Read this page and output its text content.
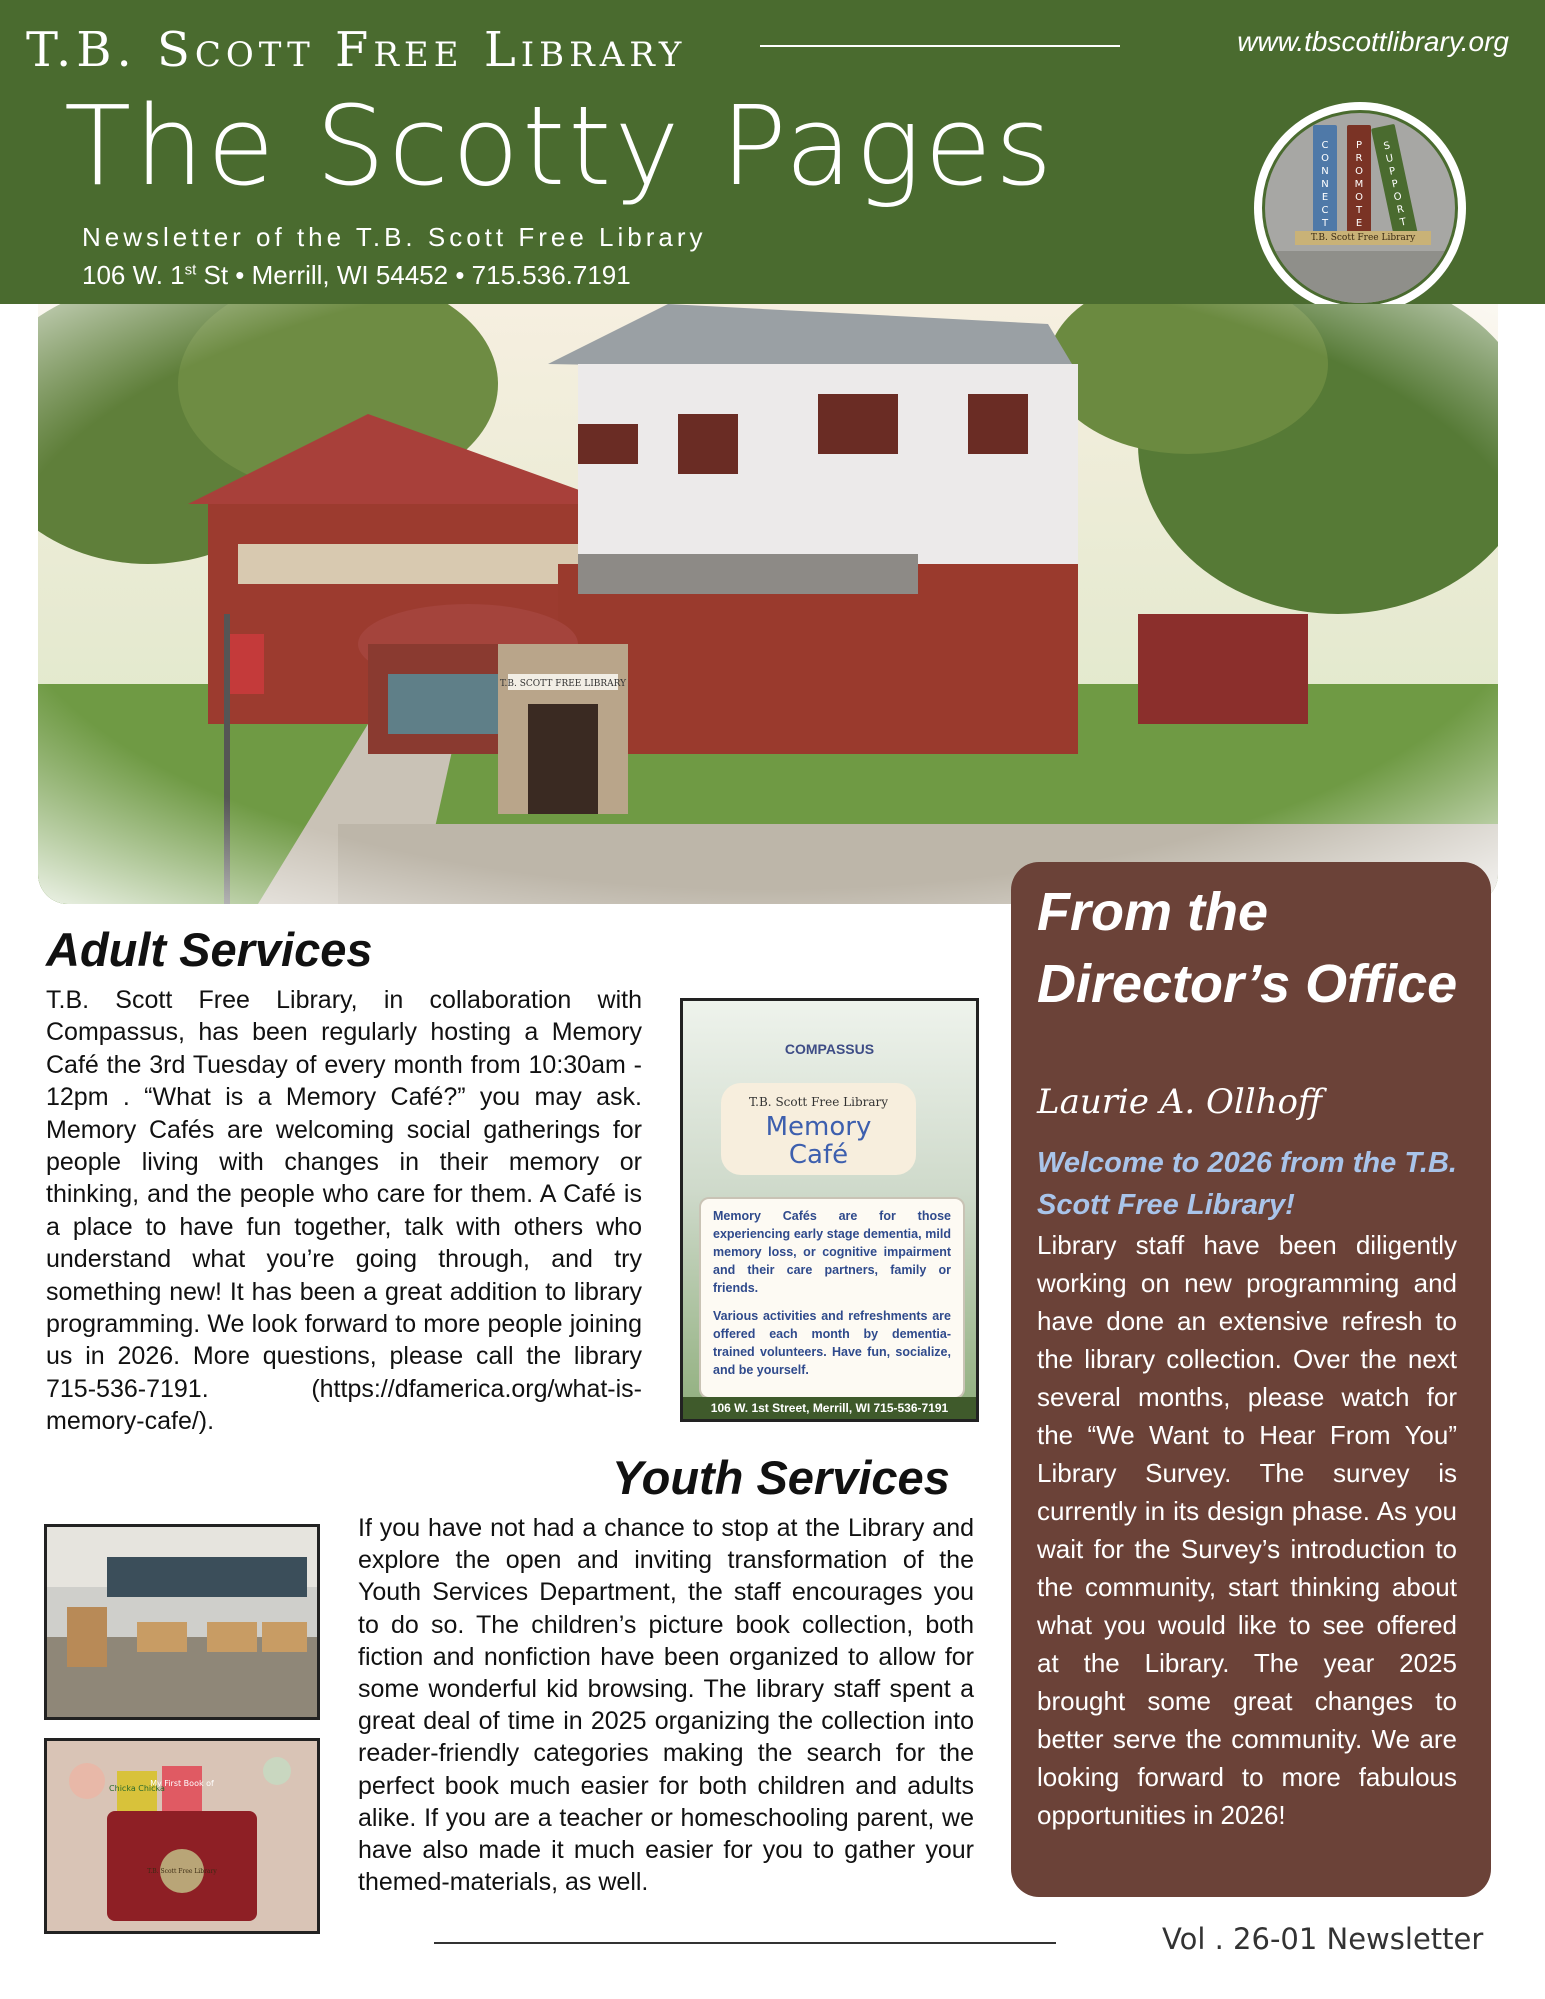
T.B. Scott Free Library	www.tbscottlibrary.org
The Scotty Pages
Newsletter of the T.B. Scott Free Library
106 W. 1st St • Merrill, WI 54452 • 715.536.7191
C
O
N
N
E
C
T
P
R
O
M
O
T
E
S
U
P
P
O
R
T
T.B. Scott Free Library
From the Director’s Office
Laurie A. Ollhoff
Welcome to 2026 from the T.B. Scott Free Library!
Library staff have been diligently working on new programming and have done an extensive refresh to the library collection. Over the next several months, please watch for the “We Want to Hear From You” Library Survey. The survey is currently in its design phase. As you wait for the Survey’s introduction to the community, start thinking about what you would like to see offered at the Library. The year 2025 brought some great changes to better serve the community. We are looking forward to more fabulous opportunities in 2026!
Adult Services
T.B. Scott Free Library, in collaboration with Compassus, has been regularly hosting a Memory Café the 3rd Tuesday of every month from 10:30am - 12pm . “What is a Memory Café?” you may ask. Memory Cafés are welcoming social gatherings for people living with changes in their memory or thinking, and the people who care for them. A Café is a place to have fun together, talk with others who understand what you’re going through, and try something new! It has been a great addition to library programming. We look forward to more people joining us in 2026. More questions, please call the library 715-536-7191. (https://dfamerica.org/what-is-memory-cafe/).
COMPASSUS
T.B. Scott Free Library
Memory
Café

Memory Cafés are for those experiencing early stage dementia, mild memory loss, or cognitive impairment and their care partners, family or friends.

Various activities and refreshments are offered each month by dementia-trained volunteers. Have fun, socialize, and be yourself.

106 W. 1st Street, Merrill, WI 715-536-7191
Youth Services
If you have not had a chance to stop at the Library and explore the open and inviting transformation of the Youth Services Department, the staff encourages you to do so. The children’s picture book collection, both fiction and nonfiction have been organized to allow for some wonderful kid browsing. The library staff spent a great deal of time in 2025 organizing the collection into reader-friendly categories making the search for the perfect book much easier for both children and adults alike. If you are a teacher or homeschooling parent, we have also made it much easier for you to gather your themed-materials, as well.
Chicka Chicka
My First Book of
T.B. Scott Free Library
Vol . 26-01 Newsletter
